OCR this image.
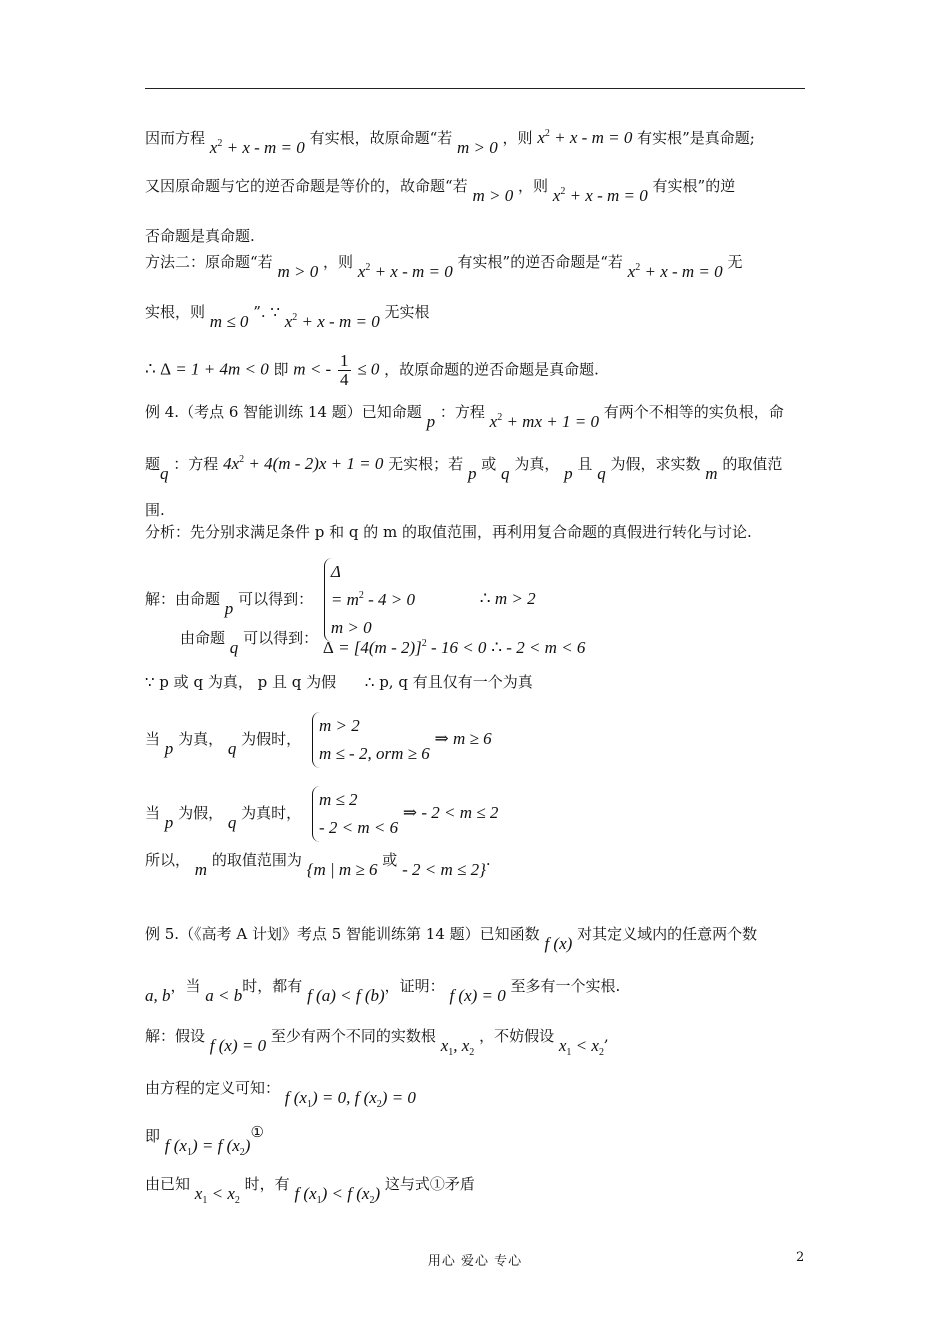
因而方程 $x^2 + x - m = 0$ 有实根，故原命题“若 m > 0 ，则 $x^2 + x - m = 0$ 有实根”是真命题;
又因原命题与它的逆否命题是等价的，故命题“若 m > 0 ，则 $x^2 + x - m = 0$ 有实根”的逆
否命题是真命题.
方法二：原命题“若 m > 0 ，则 $x^2 + x - m = 0$ 有实根”的逆否命题是“若 $x^2 + x - m = 0$ 无
实根，则 m ≤ 0 ”. ∵ $x^2 + x - m = 0$ 无实根
∴ Δ = 1 + 4m < 0 即 m < - $\frac{1}{4} \le 0$ ，故原命题的逆否命题是真命题.
例 4.（考点 6 智能训练 14 题）已知命题 p ：方程 $x^2$ + mx + 1 = 0 有两个不相等的实负根，命
题q ：方程 $4x^2 + 4(m - 2)x + 1 = 0$ 无实根；若 p 或 q 为真， p 且 q 为假，求实数 m 的取值范
围.
分析：先分别求满足条件 p 和 q 的 m 的取值范围，再利用复合命题的真假进行转化与讨论.
解：由命题 p 可以得到：
Δ
= $m^2 - 4 > 0$
m > 0
∴ m > 2
由命题 q 可以得到： Δ = [4(m - 2)]$^2$ - 16 < 0 ∴ - 2 < m < 6
∵ p 或 q 为真， p 且 q 为假 ∴ p, q 有且仅有一个为真
当 p 为真， q 为假时，
m > 2
m ≤ - 2, orm ≥ 6
⇒ m ≥ 6
当 p 为假， q 为真时，
m ≤ 2
- 2 < m < 6
⇒ - 2 < m ≤ 2
所以， m 的取值范围为 {m | m ≥ 6 或 - 2 < m ≤ 2}.
例 5.（《高考 A 计划》考点 5 智能训练第 14 题）已知函数 f (x) 对其定义域内的任意两个数
a, b，当 a < b时，都有 f (a) < f (b)，证明： f (x) = 0 至多有一个实根.
解：假设 f (x) = 0 至少有两个不同的实数根 $x_1$, $x_2$ ，不妨假设 $x_1 < x_2$,
由方程的定义可知： f $(x_1) = 0$, f $(x_2) = 0$
即 f $(x_1) = f$ $(x_2)①$
由已知 $x_1 < x_2$ 时，有 f $(x_1) < f$ $(x_2)$ 这与式①矛盾
用心 爱心 专心	2
